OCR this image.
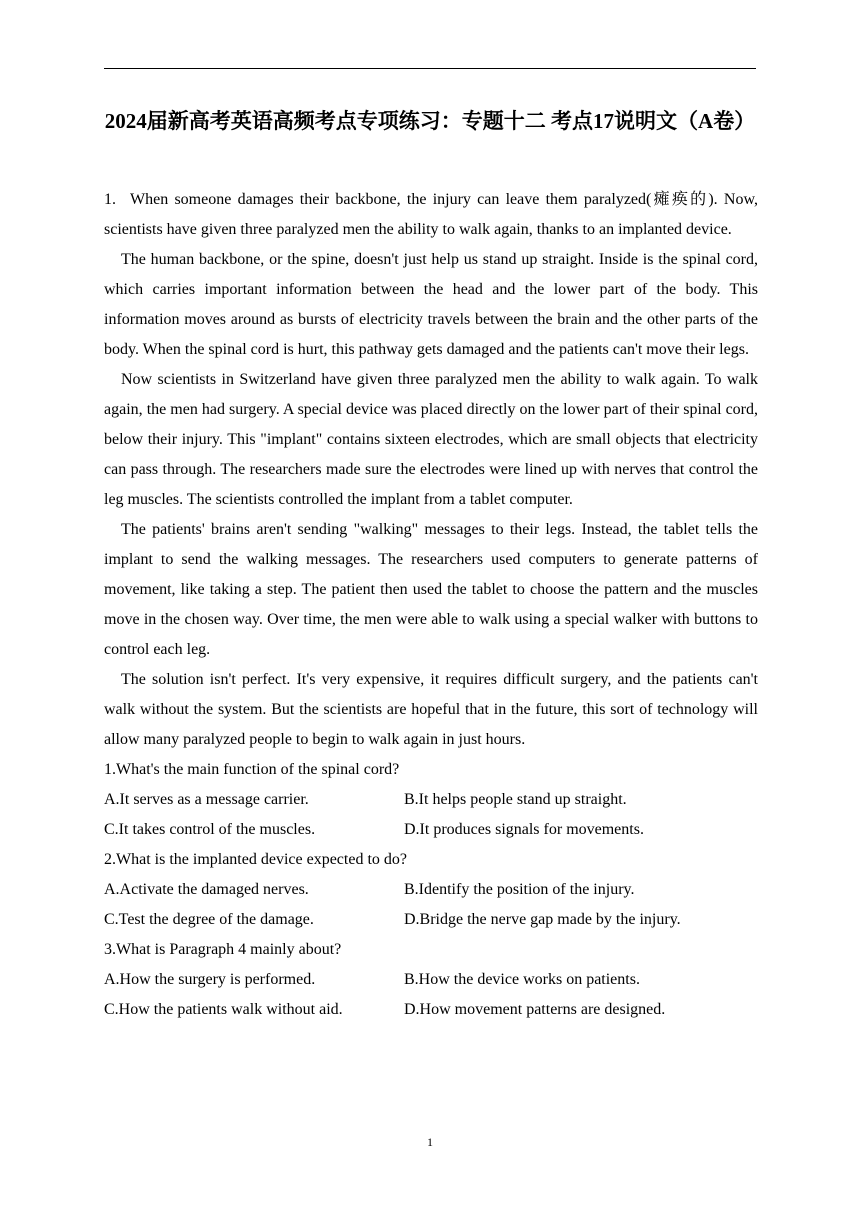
2024届新高考英语高频考点专项练习：专题十二 考点17说明文（A卷）

1. When someone damages their backbone, the injury can leave them paralyzed(瘫痪的). Now, scientists have given three paralyzed men the ability to walk again, thanks to an implanted device.

The human backbone, or the spine, doesn't just help us stand up straight. Inside is the spinal cord, which carries important information between the head and the lower part of the body. This information moves around as bursts of electricity travels between the brain and the other parts of the body. When the spinal cord is hurt, this pathway gets damaged and the patients can't move their legs.

Now scientists in Switzerland have given three paralyzed men the ability to walk again. To walk again, the men had surgery. A special device was placed directly on the lower part of their spinal cord, below their injury. This "implant" contains sixteen electrodes, which are small objects that electricity can pass through. The researchers made sure the electrodes were lined up with nerves that control the leg muscles. The scientists controlled the implant from a tablet computer.

The patients' brains aren't sending "walking" messages to their legs. Instead, the tablet tells the implant to send the walking messages. The researchers used computers to generate patterns of movement, like taking a step. The patient then used the tablet to choose the pattern and the muscles move in the chosen way. Over time, the men were able to walk using a special walker with buttons to control each leg.

The solution isn't perfect. It's very expensive, it requires difficult surgery, and the patients can't walk without the system. But the scientists are hopeful that in the future, this sort of technology will allow many paralyzed people to begin to walk again in just hours.

1.What's the main function of the spinal cord?

A.It serves as a message carrier.	B.It helps people stand up straight.
C.It takes control of the muscles.	D.It produces signals for movements.

2.What is the implanted device expected to do?

A.Activate the damaged nerves.	B.Identify the position of the injury.
C.Test the degree of the damage.	D.Bridge the nerve gap made by the injury.

3.What is Paragraph 4 mainly about?

A.How the surgery is performed.	B.How the device works on patients.
C.How the patients walk without aid.	D.How movement patterns are designed.
1
